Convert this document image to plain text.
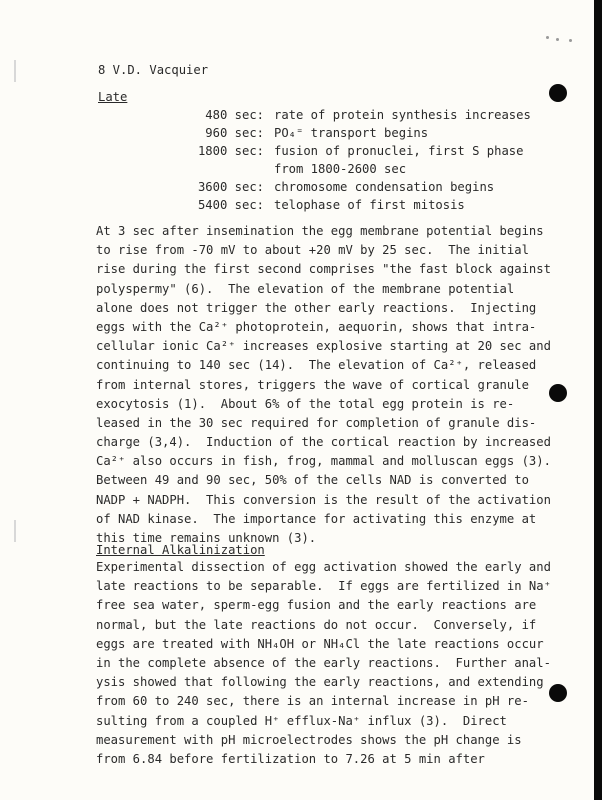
8 V.D. Vacquier
Late
480 sec: rate of protein synthesis increases
960 sec: PO₄⁼ transport begins
1800 sec: fusion of pronuclei, first S phase
from 1800-2600 sec
3600 sec: chromosome condensation begins
5400 sec: telophase of first mitosis
At 3 sec after insemination the egg membrane potential begins
to rise from -70 mV to about +20 mV by 25 sec.  The initial
rise during the first second comprises "the fast block against
polyspermy" (6).  The elevation of the membrane potential
alone does not trigger the other early reactions.  Injecting
eggs with the Ca²⁺ photoprotein, aequorin, shows that intra-
cellular ionic Ca²⁺ increases explosive starting at 20 sec and
continuing to 140 sec (14).  The elevation of Ca²⁺, released
from internal stores, triggers the wave of cortical granule
exocytosis (1).  About 6% of the total egg protein is re-
leased in the 30 sec required for completion of granule dis-
charge (3,4).  Induction of the cortical reaction by increased
Ca²⁺ also occurs in fish, frog, mammal and molluscan eggs (3).
Between 49 and 90 sec, 50% of the cells NAD is converted to
NADP + NADPH.  This conversion is the result of the activation
of NAD kinase.  The importance for activating this enzyme at
this time remains unknown (3).
Internal Alkalinization
Experimental dissection of egg activation showed the early and
late reactions to be separable.  If eggs are fertilized in Na⁺
free sea water, sperm-egg fusion and the early reactions are
normal, but the late reactions do not occur.  Conversely, if
eggs are treated with NH₄OH or NH₄Cl the late reactions occur
in the complete absence of the early reactions.  Further anal-
ysis showed that following the early reactions, and extending
from 60 to 240 sec, there is an internal increase in pH re-
sulting from a coupled H⁺ efflux-Na⁺ influx (3).  Direct
measurement with pH microelectrodes shows the pH change is
from 6.84 before fertilization to 7.26 at 5 min after
